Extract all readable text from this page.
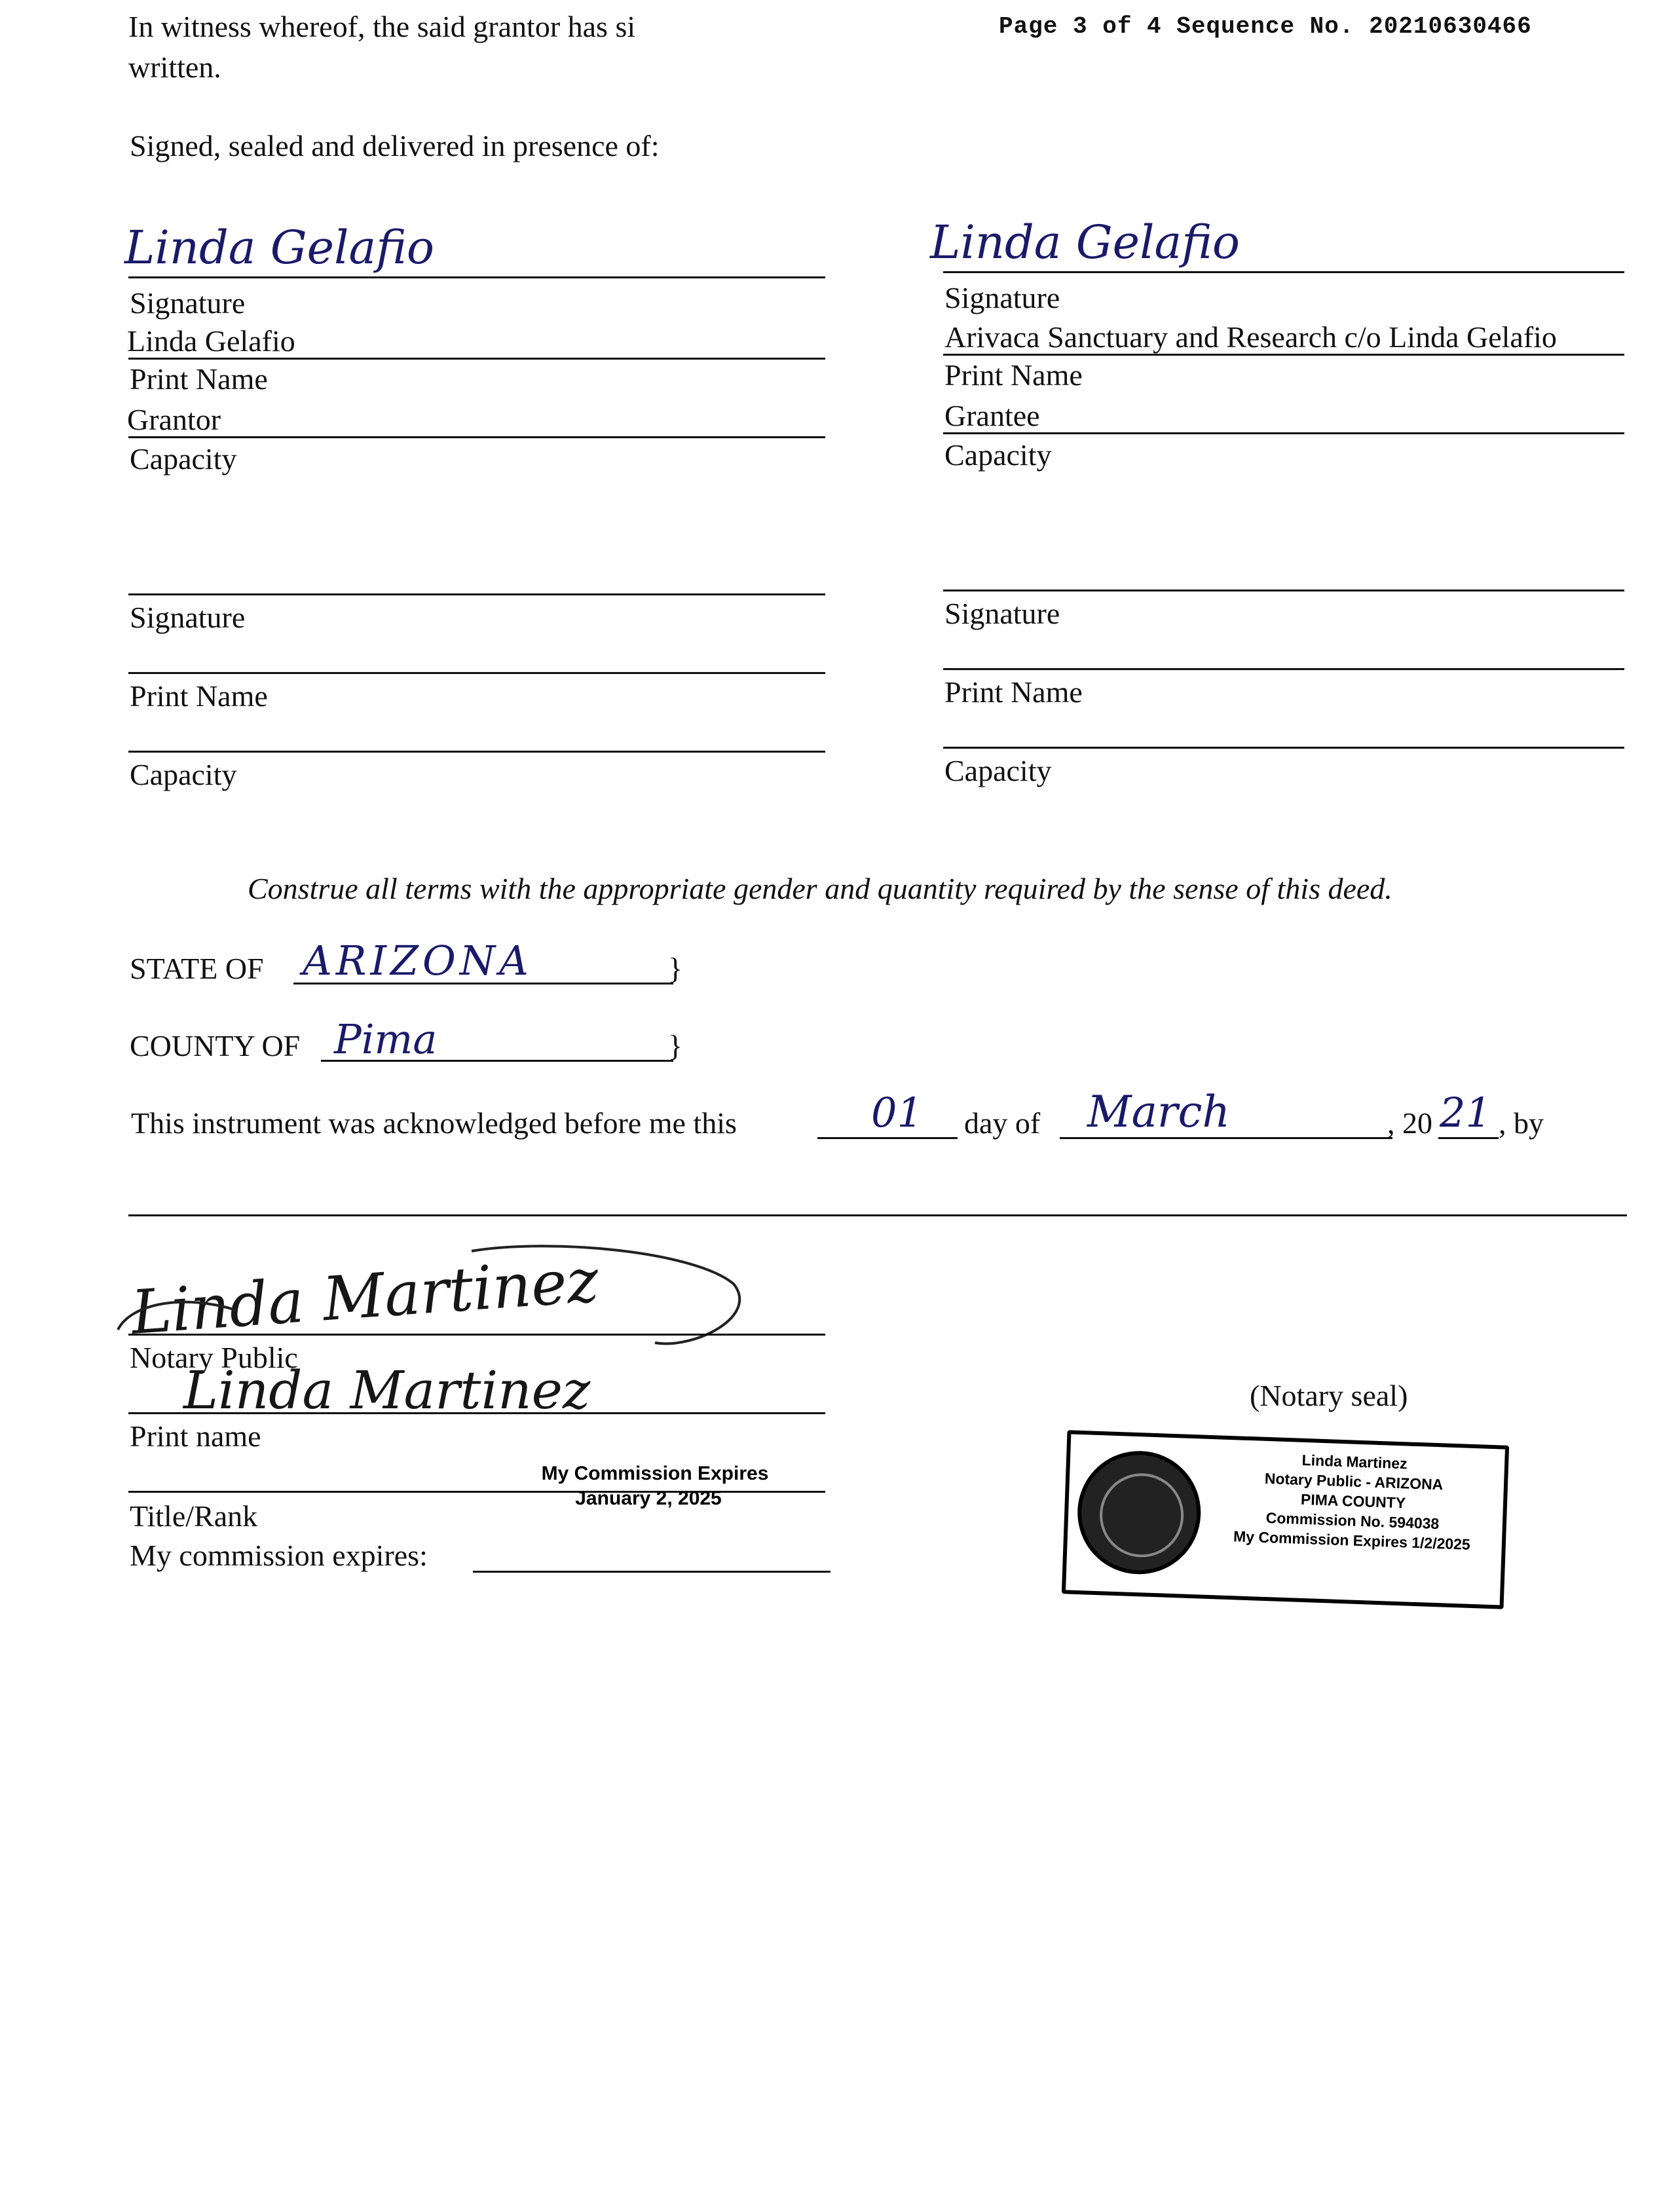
In witness whereof, the said grantor has si	Page 3 of 4 Sequence No. 20210630466
written.
Signed, sealed and delivered in presence of:
Linda Gelafio
Signature
Linda Gelafio
Print Name
Grantor
Capacity
Linda Gelafio
Signature
Arivaca Sanctuary and Research c/o Linda Gelafio
Print Name
Grantee
Capacity
Signature
Print Name
Capacity
Signature
Print Name
Capacity
Construe all terms with the appropriate gender and quantity required by the sense of this deed.
STATE OF ARIZONA	}
COUNTY OF Pima	}
This instrument was acknowledged before me this	01 day of March	, 20 21 , by
Linda Martinez
Notary Public
Linda Martinez
Print name
My Commission Expires
January 2, 2025
Title/Rank
My commission expires:
(Notary seal)
Linda Martinez
Notary Public - ARIZONA
PIMA COUNTY
Commission No. 594038
My Commission Expires 1/2/2025
